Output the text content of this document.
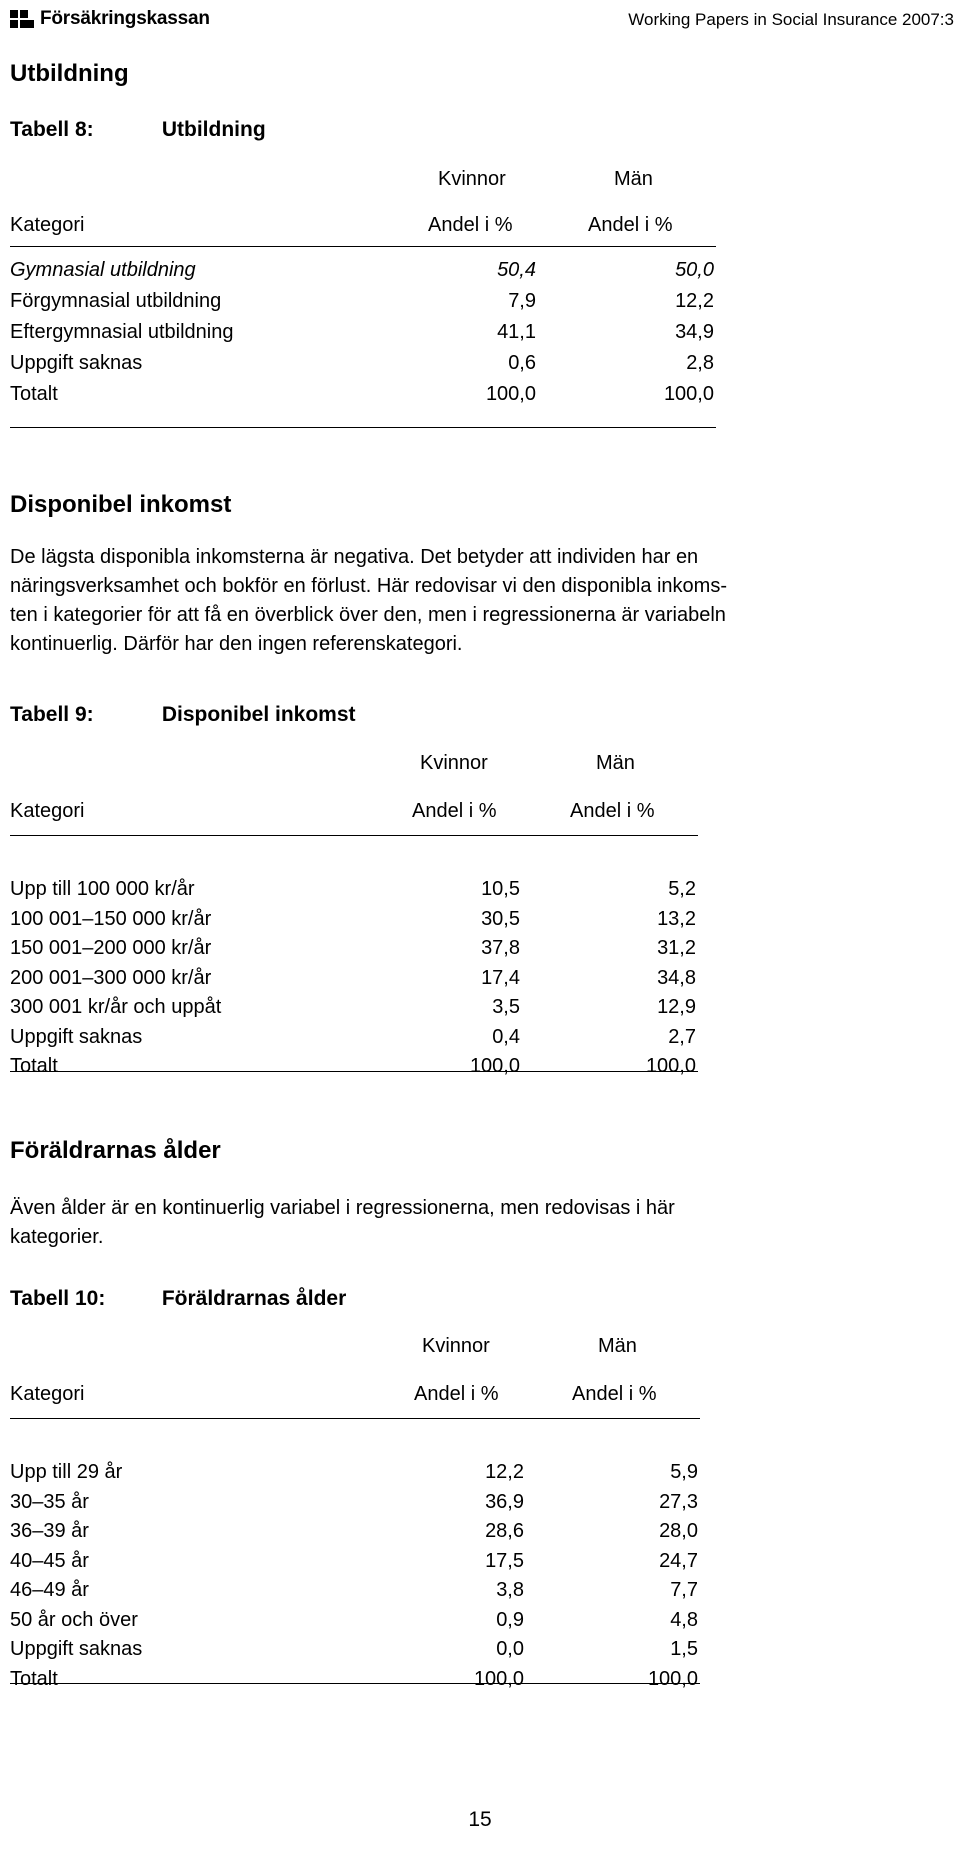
Försäkringskassan	Working Papers in Social Insurance 2007:3
Utbildning
Tabell 8:	Utbildning
Kvinnor	Män
Kategori	Andel i %	Andel i %
Gymnasial utbildning	50,4	50,0
Förgymnasial utbildning	7,9	12,2
Eftergymnasial utbildning	41,1	34,9
Uppgift saknas	0,6	2,8
Totalt	100,0	100,0
Disponibel inkomst
De lägsta disponibla inkomsterna är negativa. Det betyder att individen har en
näringsverksamhet och bokför en förlust. Här redovisar vi den disponibla inkoms-
ten i kategorier för att få en överblick över den, men i regressionerna är variabeln
kontinuerlig. Därför har den ingen referenskategori.
Tabell 9:	Disponibel inkomst
Kvinnor	Män
Kategori	Andel i %	Andel i %
Upp till 100 000 kr/år	10,5	5,2
100 001–150 000 kr/år	30,5	13,2
150 001–200 000 kr/år	37,8	31,2
200 001–300 000 kr/år	17,4	34,8
300 001 kr/år och uppåt	3,5	12,9
Uppgift saknas	0,4	2,7
Totalt	100,0	100,0
Föräldrarnas ålder
Även ålder är en kontinuerlig variabel i regressionerna, men redovisas i här
kategorier.
Tabell 10:	Föräldrarnas ålder
Kvinnor	Män
Kategori	Andel i %	Andel i %
Upp till 29 år	12,2	5,9
30–35 år	36,9	27,3
36–39 år	28,6	28,0
40–45 år	17,5	24,7
46–49 år	3,8	7,7
50 år och över	0,9	4,8
Uppgift saknas	0,0	1,5
Totalt	100,0	100,0
15
